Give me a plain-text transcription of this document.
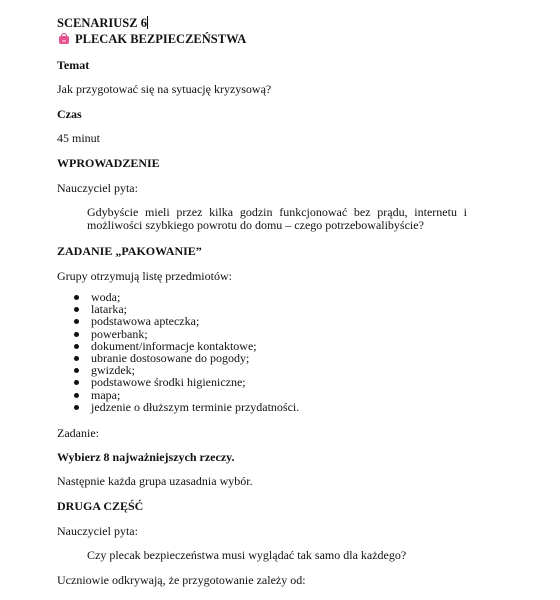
SCENARIUSZ 6
PLECAK BEZPIECZEŃSTWA
Temat
Jak przygotować się na sytuację kryzysową?
Czas
45 minut
WPROWADZENIE
Nauczyciel pyta:
Gdybyście mieli przez kilka godzin funkcjonować bez prądu, internetu i możliwości szybkiego powrotu do domu – czego potrzebowalibyście?
ZADANIE „PAKOWANIE”
Grupy otrzymują listę przedmiotów:
woda;
latarka;
podstawowa apteczka;
powerbank;
dokument/informacje kontaktowe;
ubranie dostosowane do pogody;
gwizdek;
podstawowe środki higieniczne;
mapa;
jedzenie o dłuższym terminie przydatności.
Zadanie:
Wybierz 8 najważniejszych rzeczy.
Następnie każda grupa uzasadnia wybór.
DRUGA CZĘŚĆ
Nauczyciel pyta:
Czy plecak bezpieczeństwa musi wyglądać tak samo dla każdego?
Uczniowie odkrywają, że przygotowanie zależy od:
